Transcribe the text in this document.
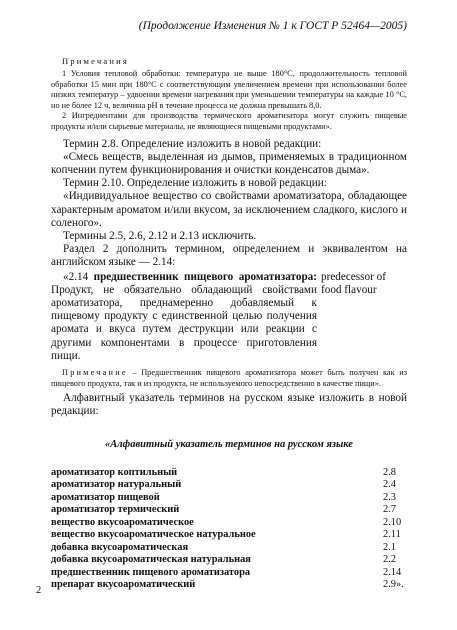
(Продолжение Изменения № 1 к ГОСТ Р 52464—2005)
Примечания

1 Условия тепловой обработки: температура не выше 180°С, продолжительность тепловой обработки 15 мин при 180°С с соответствующим увеличением времени при использовании более низких температур – удвоении времени нагревания при уменьшении температуры на каждые 10 °С, но не более 12 ч, величина pH в течение процесса не должна превышать 8,0.

2 Ингредиентами для производства термического ароматизатора могут служить пищевые продукты и/или сырьевые материалы, не являющиеся пищевыми продуктами».

Термин 2.8. Определение изложить в новой редакции:

«Смесь веществ, выделенная из дымов, применяемых в традиционном копчении путем функционирования и очистки конденсатов дыма».

Термин 2.10. Определение изложить в новой редакции:

«Индивидуальное вещество со свойствами ароматизатора, обладающее характерным ароматом и/или вкусом, за исключением сладкого, кислого и соленого».

Термины 2.5, 2.6, 2.12 и 2.13 исключить.

Раздел 2 дополнить термином, определением и эквивалентом на английском языке — 2.14:

«2.14 предшественник пищевого ароматизатора: Продукт, не обязательно обладающий свойствами ароматизатора, преднамеренно добавляемый к пищевому продукту с единственной целью получения аромата и вкуса путем деструкции или реакции с другими компонентами в процессе приготовления пищи.

predecessor of food flavour

Примечание – Предшественник пищевого ароматизатора может быть получен как из пищевого продукта, так и из продукта, не используемого непосредственно в качестве пищи».

Алфавитный указатель терминов на русском языке изложить в новой редакции:

«Алфавитный указатель терминов на русском языке
ароматизатор коптильный	2.8
ароматизатор натуральный	2.4
ароматизатор пищевой	2.3
ароматизатор термический	2.7
вещество вкусоароматическое	2.10
вещество вкусоароматическое натуральное	2.11
добавка вкусоароматическая	2.1
добавка вкусоароматическая натуральная	2.2
предшественник пищевого ароматизатора	2.14
препарат вкусоароматический	2.9».
2
